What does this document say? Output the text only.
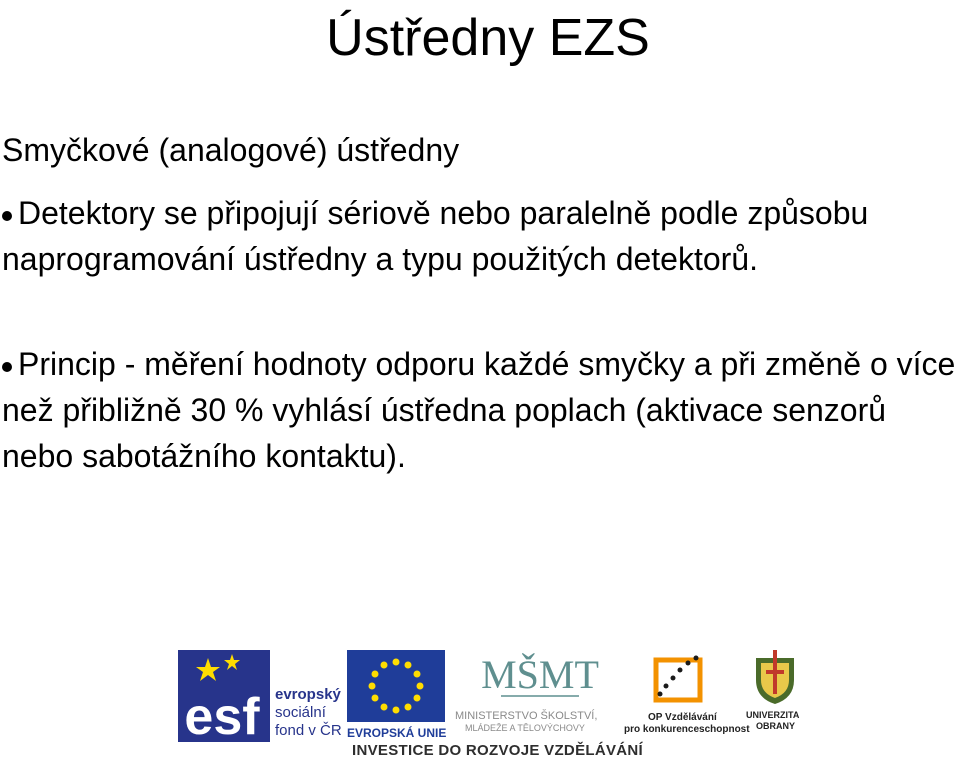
Ústředny EZS
Smyčkové (analogové) ústředny
Detektory se připojují sériově nebo paralelně podle způsobu naprogramování ústředny a typu použitých detektorů.
Princip - měření hodnoty odporu každé smyčky a při změně o více než přibližně 30 % vyhlásí ústředna poplach (aktivace senzorů nebo sabotážního kontaktu).
esf evropský
sociální
fond v ČR EVROPSKÁ UNIE
MŠMT
MINISTERSTVO ŠKOLSTVÍ,
MLÁDEŽE A TĚLOVÝCHOVY
OP Vzdělávání
pro konkurenceschopnost
UNIVERZITA
OBRANY
INVESTICE DO ROZVOJE VZDĚLÁVÁNÍ
